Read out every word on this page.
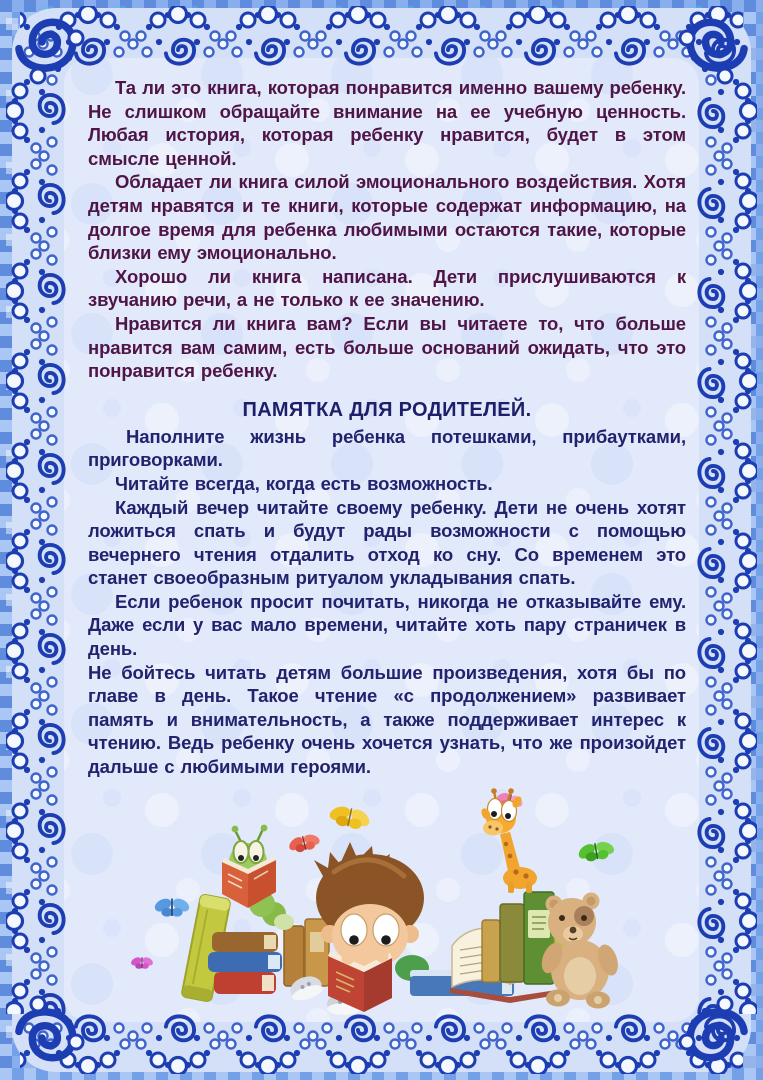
Та ли это книга, которая понравится именно вашему ребенку. Не слишком обращайте внимание на ее учебную ценность. Любая история, которая ребенку нравится, будет в этом смысле ценной.

Обладает ли книга силой эмоционального воздействия. Хотя детям нравятся и те книги, которые содержат информацию, на долгое время для ребенка любимыми остаются такие, которые близки ему эмоционально.

Хорошо ли книга написана. Дети прислушиваются к звучанию речи, а не только к ее значению.

Нравится ли книга вам? Если вы читаете то, что больше нравится вам самим, есть больше оснований ожидать, что это понравится ребенку.

ПАМЯТКА ДЛЯ РОДИТЕЛЕЙ.

Наполните жизнь ребенка потешками, прибаутками, приговорками.

Читайте всегда, когда есть возможность.

Каждый вечер читайте своему ребенку. Дети не очень хотят ложиться спать и будут рады возможности с помощью вечернего чтения отдалить отход ко сну. Со временем это станет своеобразным ритуалом укладывания спать.

Если ребенок просит почитать, никогда не отказывайте ему. Даже если у вас мало времени, читайте хоть пару страничек в день.

Не бойтесь читать детям большие произведения, хотя бы по главе в день. Такое чтение «с продолжением» развивает память и внимательность, а также поддерживает интерес к чтению. Ведь ребенку очень хочется узнать, что же произойдет дальше с любимыми героями.
